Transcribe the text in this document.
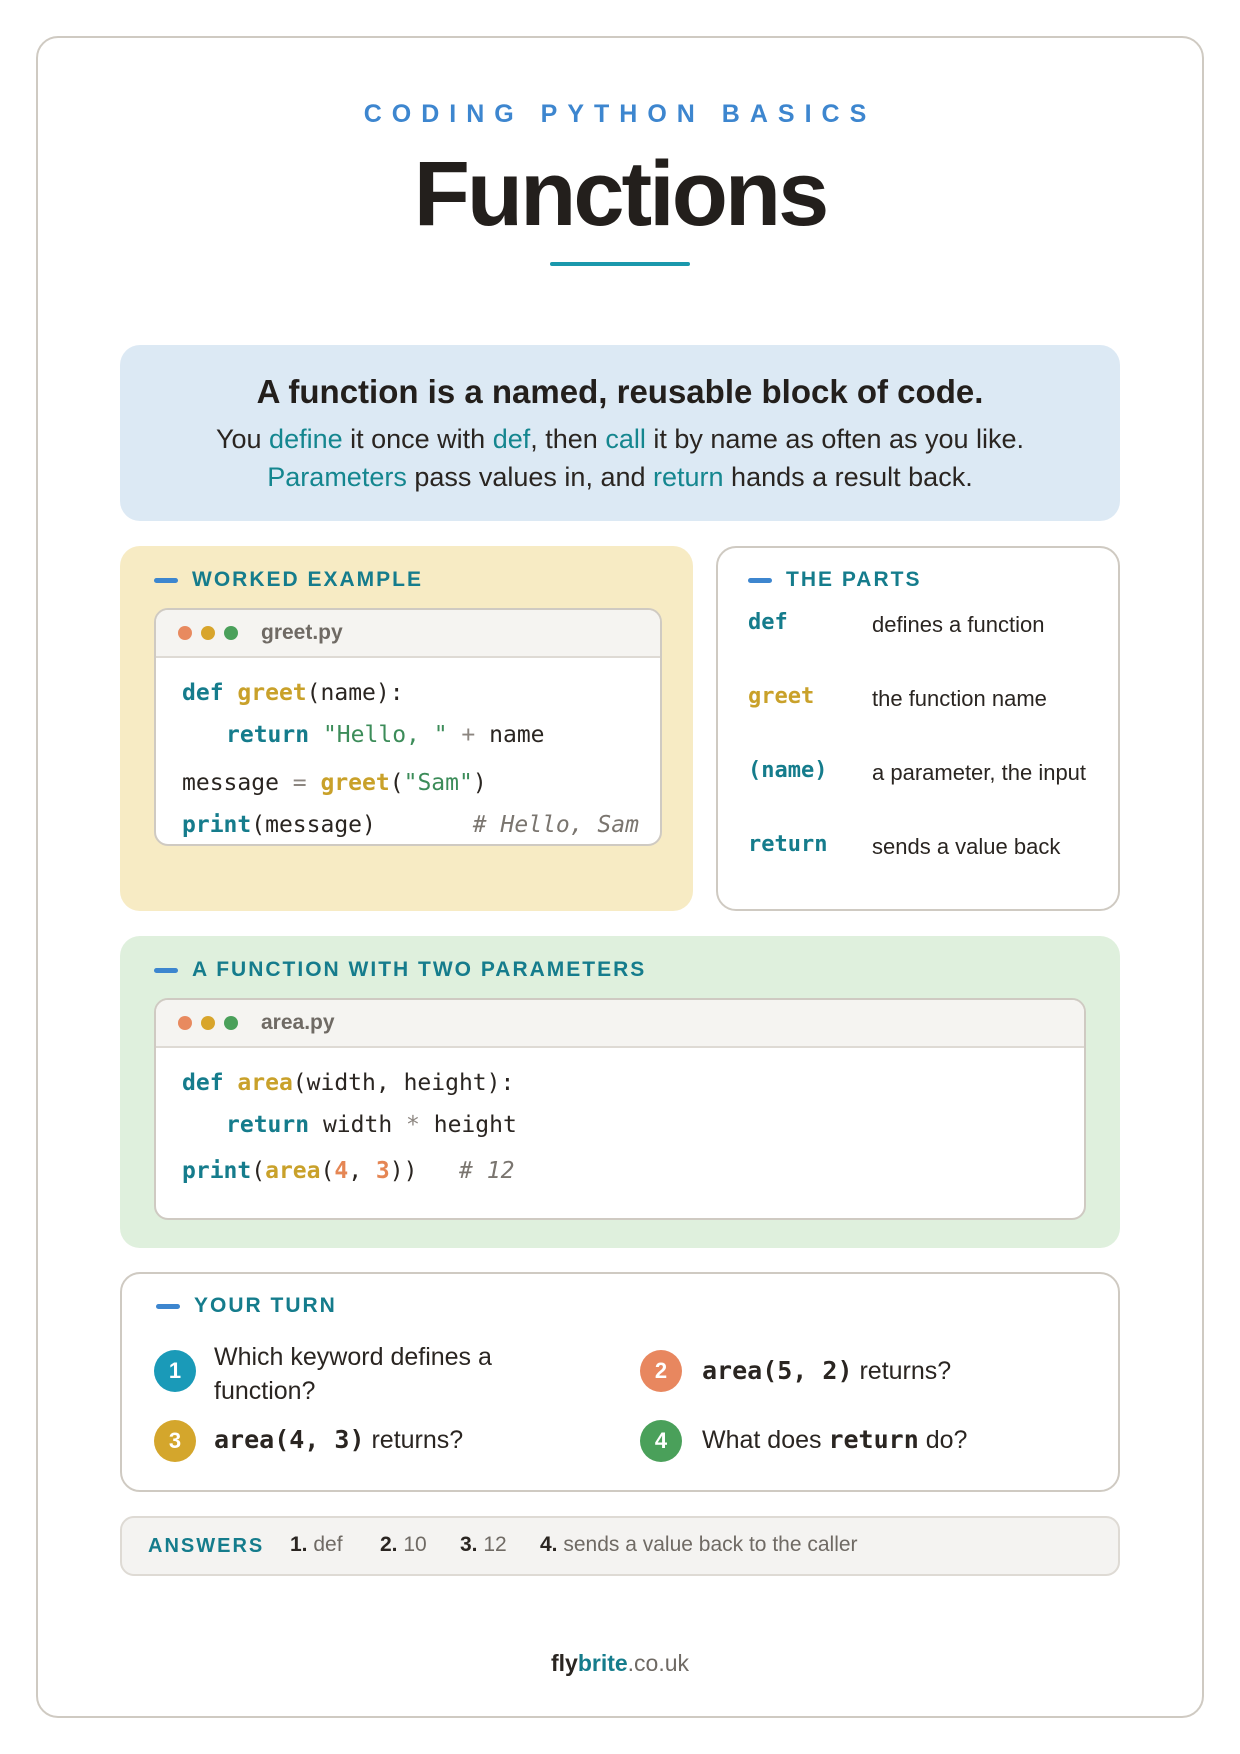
CODING PYTHON BASICS
Functions
A function is a named, reusable block of code.
You define it once with def, then call it by name as often as you like.
Parameters pass values in, and return hands a result back.
WORKED EXAMPLE
greet.py
def greet(name):
return "Hello, " + name
message = greet("Sam")
print(message)       # Hello, Sam
THE PARTS
def	defines a function
greet	the function name
(name) a parameter, the input
return sends a value back
A FUNCTION WITH TWO PARAMETERS
area.py
def area(width, height):
return width * height
print(area(4, 3))   # 12
YOUR TURN
1	Which keyword defines a function?
2	area(5, 2) returns?
3	area(4, 3) returns?	4	What does return do?
ANSWERS 1. def 2. 10 3. 12 4. sends a value back to the caller
flybrite.co.uk
